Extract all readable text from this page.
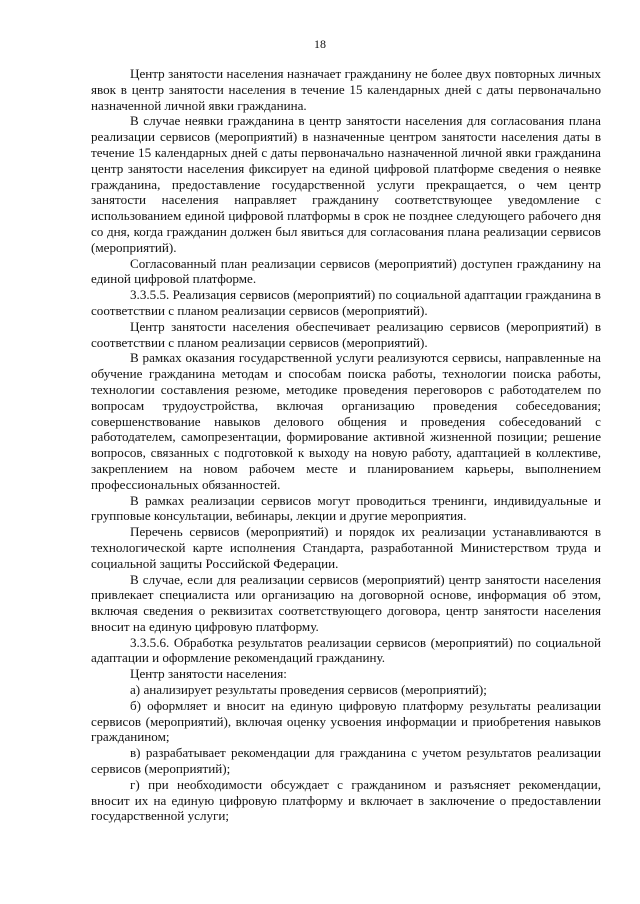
18

Центр занятости населения назначает гражданину не более двух повторных личных явок в центр занятости населения в течение 15 календарных дней с даты первоначально назначенной личной явки гражданина.

В случае неявки гражданина в центр занятости населения для согласования плана реализации сервисов (мероприятий) в назначенные центром занятости населения даты в течение 15 календарных дней с даты первоначально назначенной личной явки гражданина центр занятости населения фиксирует на единой цифровой платформе сведения о неявке гражданина, предоставление государственной услуги прекращается, о чем центр занятости населения направляет гражданину соответствующее уведомление с использованием единой цифровой платформы в срок не позднее следующего рабочего дня со дня, когда гражданин должен был явиться для согласования плана реализации сервисов (мероприятий).

Согласованный план реализации сервисов (мероприятий) доступен гражданину на единой цифровой платформе.

3.3.5.5. Реализация сервисов (мероприятий) по социальной адаптации гражданина в соответствии с планом реализации сервисов (мероприятий).

Центр занятости населения обеспечивает реализацию сервисов (мероприятий) в соответствии с планом реализации сервисов (мероприятий).

В рамках оказания государственной услуги реализуются сервисы, направленные на обучение гражданина методам и способам поиска работы, технологии поиска работы, технологии составления резюме, методике проведения переговоров с работодателем по вопросам трудоустройства, включая организацию проведения собеседования; совершенствование навыков делового общения и проведения собеседований с работодателем, самопрезентации, формирование активной жизненной позиции; решение вопросов, связанных с подготовкой к выходу на новую работу, адаптацией в коллективе, закреплением на новом рабочем месте и планированием карьеры, выполнением профессиональных обязанностей.

В рамках реализации сервисов могут проводиться тренинги, индивидуальные и групповые консультации, вебинары, лекции и другие мероприятия.

Перечень сервисов (мероприятий) и порядок их реализации устанавливаются в технологической карте исполнения Стандарта, разработанной Министерством труда и социальной защиты Российской Федерации.

В случае, если для реализации сервисов (мероприятий) центр занятости населения привлекает специалиста или организацию на договорной основе, информация об этом, включая сведения о реквизитах соответствующего договора, центр занятости населения вносит на единую цифровую платформу.

3.3.5.6. Обработка результатов реализации сервисов (мероприятий) по социальной адаптации и оформление рекомендаций гражданину.

Центр занятости населения:

а) анализирует результаты проведения сервисов (мероприятий);

б) оформляет и вносит на единую цифровую платформу результаты реализации сервисов (мероприятий), включая оценку усвоения информации и приобретения навыков гражданином;

в) разрабатывает рекомендации для гражданина с учетом результатов реализации сервисов (мероприятий);

г) при необходимости обсуждает с гражданином и разъясняет рекомендации, вносит их на единую цифровую платформу и включает в заключение о предоставлении государственной услуги;
